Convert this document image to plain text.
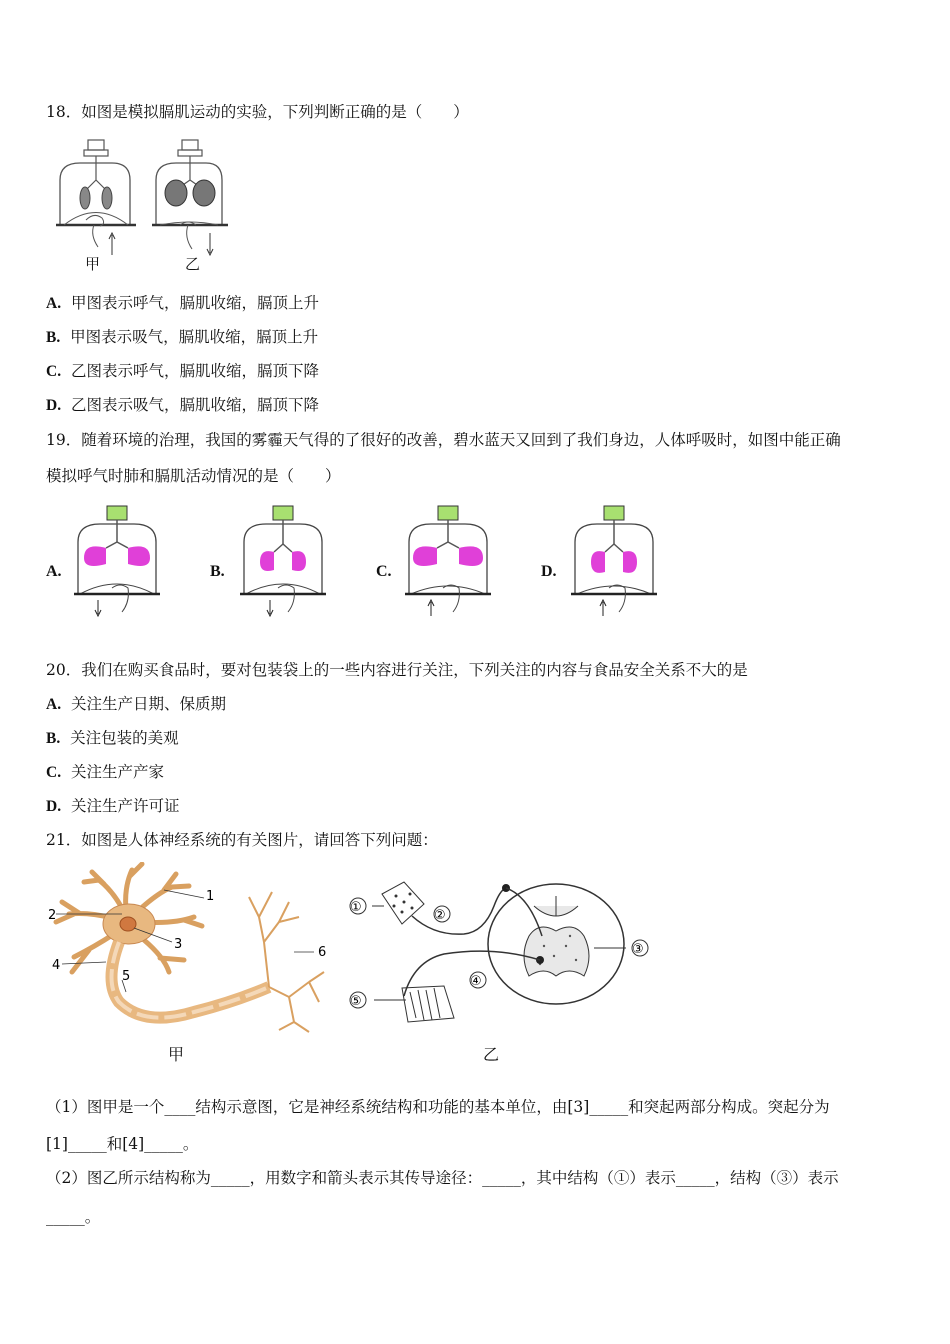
18．如图是模拟膈肌运动的实验，下列判断正确的是（　　）
甲	乙
A. 甲图表示呼气，膈肌收缩，膈顶上升
B. 甲图表示吸气，膈肌收缩，膈顶上升
C. 乙图表示呼气，膈肌收缩，膈顶下降
D. 乙图表示吸气，膈肌收缩，膈顶下降
19．随着环境的治理，我国的雾霾天气得的了很好的改善，碧水蓝天又回到了我们身边，人体呼吸时，如图中能正确
模拟呼气时肺和膈肌活动情况的是（　　）
A.	B.	C.	D.
20．我们在购买食品时，要对包装袋上的一些内容进行关注，下列关注的内容与食品安全关系不大的是
A. 关注生产日期、保质期
B. 关注包装的美观
C. 关注生产产家
D. 关注生产许可证
21．如图是人体神经系统的有关图片，请回答下列问题：
1
2
3
4
5
6
①
②
③
④
⑤
甲	乙
（1）图甲是一个____结构示意图，它是神经系统结构和功能的基本单位，由[3]_____和突起两部分构成。突起分为
[1]_____和[4]_____。
（2）图乙所示结构称为_____，用数字和箭头表示其传导途径：_____，其中结构（①）表示_____，结构（③）表示
_____。
